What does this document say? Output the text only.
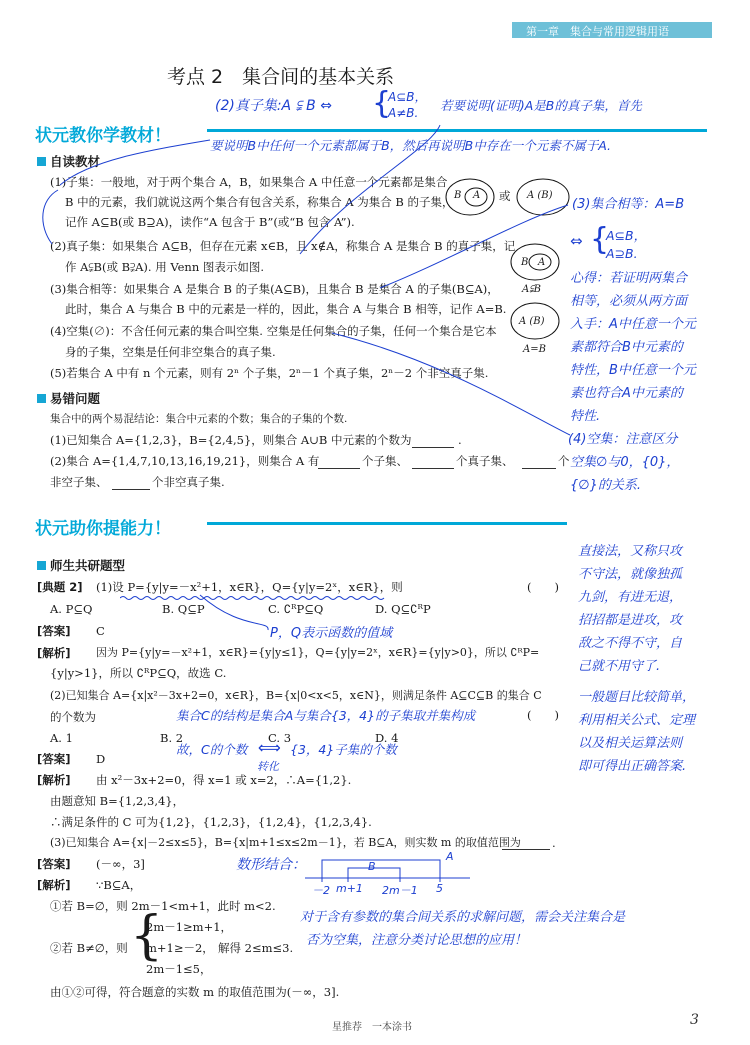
第一章　集合与常用逻辑用语
考点 2　集合间的基本关系
(2)真子集:A ⫋ B ⇔ {
A⊆B，
A≠B. 若要说明(证明)A是B的真子集，首先
状元教你学教材！	要说明B中任何一个元素都属于B，然后再说明B中存在一个元素不属于A.
自读教材
(1)子集：一般地，对于两个集合 A，B，如果集合 A 中任意一个元素都是集合
B 中的元素，我们就说这两个集合有包含关系，称集合 A 为集合 B 的子集，
记作 A⊆B(或 B⊇A)，读作“A 包含于 B”(或“B 包含 A”).
(2)真子集：如果集合 A⊆B，但存在元素 x∈B，且 x∉A，称集合 A 是集合 B 的真子集，记
作 A⫋B(或 B⫌A). 用 Venn 图表示如图.
(3)集合相等：如果集合 A 是集合 B 的子集(A⊆B)，且集合 B 是集合 A 的子集(B⊆A)，
此时，集合 A 与集合 B 中的元素是一样的，因此，集合 A 与集合 B 相等，记作 A=B.
(4)空集(∅)：不含任何元素的集合叫空集. 空集是任何集合的子集，任何一个集合是它本
身的子集，空集是任何非空集合的真子集.
(5)若集合 A 中有 n 个元素，则有 2ⁿ 个子集，2ⁿ－1 个真子集，2ⁿ－2 个非空真子集.
B A 或 A (B)
B A
A⫋B
A (B)
A=B
(3)集合相等：A=B
⇔ {
A⊆B，
A⊇B.
心得：若证明两集合
相等，必须从两方面
入手：A中任意一个元
素都符合B中元素的
特性，B中任意一个元
素也符合A中元素的
特性.
(4)空集：注意区分
空集∅与0，{0}，
{∅}的关系.
易错问题
集合中的两个易混结论：集合中元素的个数；集合的子集的个数.
(1)已知集合 A={1,2,3}，B={2,4,5}，则集合 A∪B 中元素的个数为	.
(2)集合 A={1,4,7,10,13,16,19,21}，则集合 A 有	个子集、	个真子集、	个
非空子集、	个非空真子集.
状元助你提能力！
直接法，又称只攻
不守法，就像独孤
九剑，有进无退，
招招都是进攻，攻
敌之不得不守，自
己就不用守了.
师生共研题型
[典题 2] (1)设 P={y|y=－x²+1，x∈R}，Q={y|y=2ˣ，x∈R}，则	(　　)
A. P⊆Q	B. Q⊆P	C. ∁ᴿP⊆Q	D. Q⊆∁ᴿP
[答案] C	P，Q表示函数的值域
[解析] 因为 P={y|y=－x²+1，x∈R}={y|y≤1}，Q={y|y=2ˣ，x∈R}={y|y>0}，所以 ∁ᴿP=
{y|y>1}，所以 ∁ᴿP⊆Q，故选 C.
(2)已知集合 A={x|x²－3x+2=0，x∈R}，B={x|0<x<5，x∈N}，则满足条件 A⊆C⊆B 的集合 C	一般题目比较简单，
的个数为	集合C的结构是集合A与集合{3，4}的子集取并集构成	(　　) 利用相关公式、定理
A. 1	B. 2
故，C的个数 ⟺
C. 3
{3，4}子集的个数
D. 4	以及相关运算法则
[答案] D
转化	即可得出正确答案.
[解析] 由 x²－3x+2=0，得 x=1 或 x=2，∴A={1,2}.
由题意知 B={1,2,3,4}，
∴满足条件的 C 可为{1,2}，{1,2,3}，{1,2,4}，{1,2,3,4}.
(3)已知集合 A={x|－2≤x≤5}，B={x|m+1≤x≤2m－1}，若 B⊆A，则实数 m 的取值范围为	.
[答案] (－∞，3]	数形结合：
－2 m+1 2m－1 5
B
A
[解析] ∵B⊆A，
①若 B=∅，则 2m－1<m+1，此时 m<2.
对于含有参数的集合间关系的求解问题，需会关注集合是
否为空集，注意分类讨论思想的应用！
②若 B≠∅，则 {
2m－1≥m+1，
m+1≥－2，
2m－1≤5，
解得 2≤m≤3.
由①②可得，符合题意的实数 m 的取值范围为(－∞，3].
星推荐　一本涂书	3
